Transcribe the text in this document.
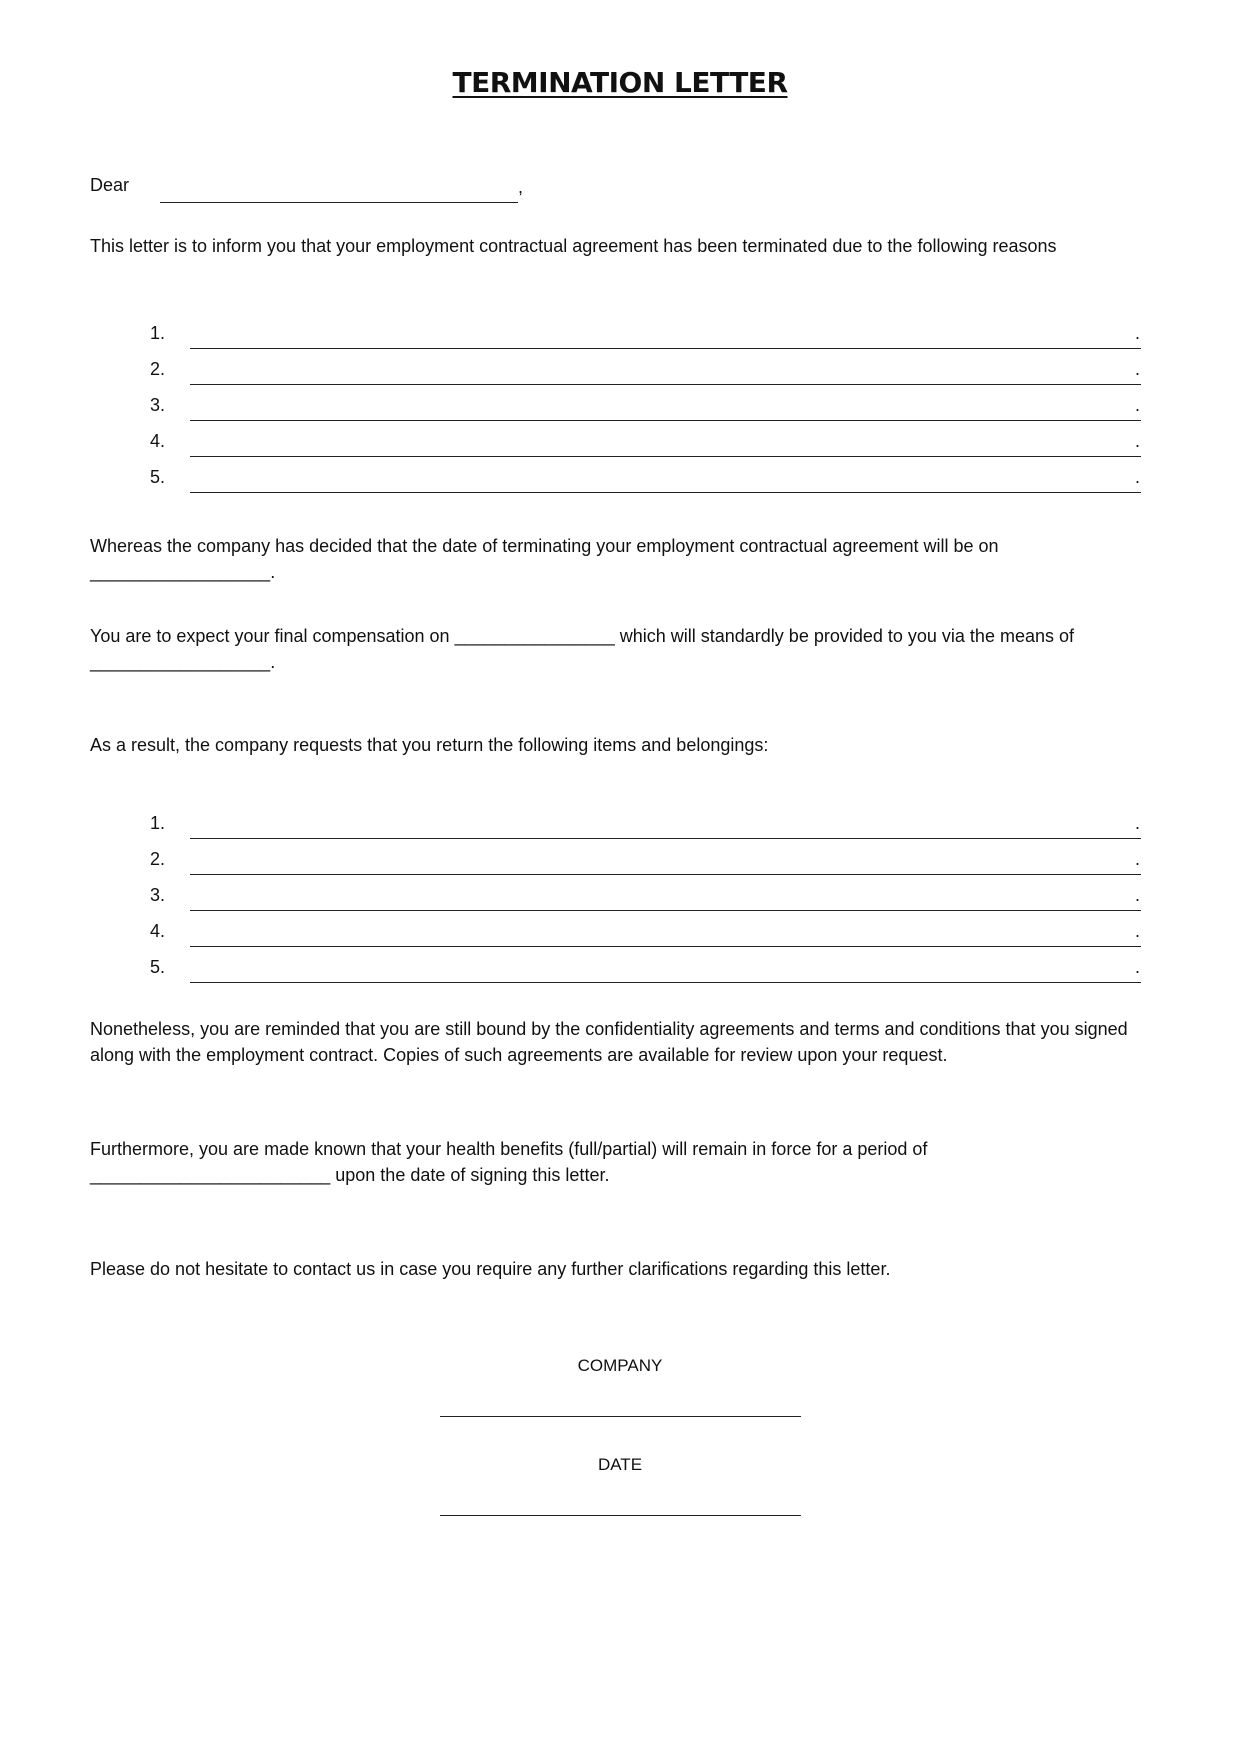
TERMINATION LETTER
Dear	,
This letter is to inform you that your employment contractual agreement has been terminated due to the following reasons
1.	.
2.	.
3.	.
4.	.
5.	.
Whereas the company has decided that the date of terminating your employment contractual agreement will be on
__________________.
You are to expect your final compensation on ________________ which will standardly be provided to you via the means of
__________________.
As a result, the company requests that you return the following items and belongings:
1.	.
2.	.
3.	.
4.	.
5.	.
Nonetheless, you are reminded that you are still bound by the confidentiality agreements and terms and conditions that you signed
along with the employment contract. Copies of such agreements are available for review upon your request.
Furthermore, you are made known that your health benefits (full/partial) will remain in force for a period of
________________________ upon the date of signing this letter.
Please do not hesitate to contact us in case you require any further clarifications regarding this letter.
COMPANY
DATE
